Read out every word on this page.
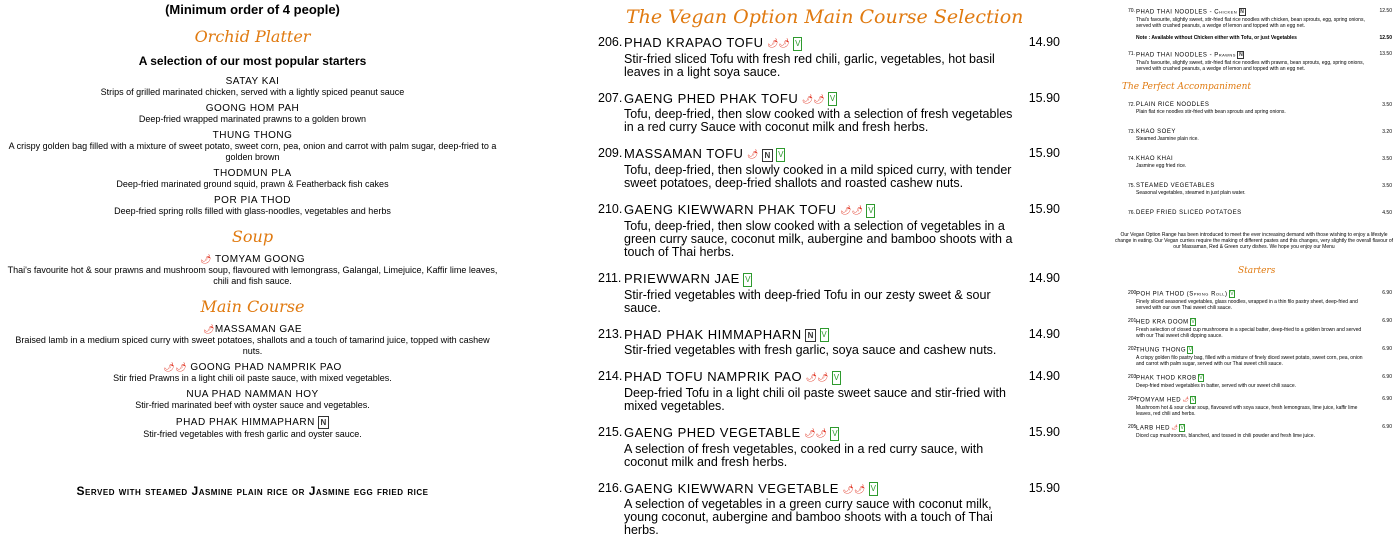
(Minimum order of 4 people)
Orchid Platter
A selection of our most popular starters
SATAY KAI
Strips of grilled marinated chicken, served with a lightly spiced peanut sauce
GOONG HOM PAH
Deep-fried wrapped marinated prawns to a golden brown
THUNG THONG
A crispy golden bag filled with a mixture of sweet potato, sweet corn, pea, onion and carrot with palm sugar, deep-fried to a golden brown
THODMUN PLA
Deep-fried marinated ground squid, prawn & Featherback fish cakes
POR PIA THOD
Deep-fried spring rolls filled with glass-noodles, vegetables and herbs
Soup
🌶︎ TOMYAM GOONG
Thai's favourite hot & sour prawns and mushroom soup, flavoured with lemongrass, Galangal, Limejuice, Kaffir lime leaves, chili and fish sauce.
Main Course
🌶︎MASSAMAN GAE
Braised lamb in a medium spiced curry with sweet potatoes, shallots and a touch of tamarind juice, topped with cashew nuts.
🌶︎🌶︎ GOONG PHAD NAMPRIK PAO
Stir fried Prawns in a light chili oil paste sauce, with mixed vegetables.
NUA PHAD NAMMAN HOY
Stir-fried marinated beef with oyster sauce and vegetables.
PHAD PHAK HIMMAPHARN N
Stir-fried vegetables with fresh garlic and oyster sauce.
Served with steamed Jasmine plain rice or Jasmine egg fried rice
The Vegan Option Main Course Selection
206. PHAD KRAPAO TOFU 🌶︎🌶︎ V
Stir-fried sliced Tofu with fresh red chili, garlic, vegetables, hot basil leaves in a light soya sauce.
14.90
207. GAENG PHED PHAK TOFU 🌶︎🌶︎ V
Tofu, deep-fried, then slow cooked with a selection of fresh vegetables in a red curry Sauce with coconut milk and fresh herbs.
15.90
209. MASSAMAN TOFU 🌶︎ N V
Tofu, deep-fried, then slowly cooked in a mild spiced curry, with tender sweet potatoes, deep-fried shallots and roasted cashew nuts.
15.90
210. GAENG KIEWWARN PHAK TOFU 🌶︎🌶︎ V
Tofu, deep-fried, then slow cooked with a selection of vegetables in a green curry sauce, coconut milk, aubergine and bamboo shoots with a touch of Thai herbs.
15.90
211. PRIEWWARN JAE V
Stir-fried vegetables with deep-fried Tofu in our zesty sweet & sour sauce.
14.90
213. PHAD PHAK HIMMAPHARN N V
Stir-fried vegetables with fresh garlic, soya sauce and cashew nuts.
14.90
214. PHAD TOFU NAMPRIK PAO 🌶︎🌶︎ V
Deep-fried Tofu in a light chili oil paste sweet sauce and stir-fried with mixed vegetables.
14.90
215. GAENG PHED VEGETABLE 🌶︎🌶︎ V
A selection of fresh vegetables, cooked in a red curry sauce, with coconut milk and fresh herbs.
15.90
216. GAENG KIEWWARN VEGETABLE 🌶︎🌶︎ V
A selection of vegetables in a green curry sauce with coconut milk, young coconut, aubergine and bamboo shoots with a touch of Thai herbs.
15.90
70. PHAD THAI NOODLES - Chicken N
Thai's favourite, slightly sweet, stir-fried flat rice noodles with chicken, bean sprouts, egg, spring onions, served with crushed peanuts, a wedge of lemon and topped with an egg net.
12.50
Note : Available without Chicken either with Tofu, or just Vegetables	12.50
71. PHAD THAI NOODLES - Prawns N
Thai's favourite, slightly sweet, stir-fried flat rice noodles with prawns, bean sprouts, egg, spring onions, served with crushed peanuts, a wedge of lemon and topped with an egg net.
13.50
The Perfect Accompaniment
72. PLAIN RICE NOODLES
Plain flat rice noodles stir-fried with bean sprouts and spring onions.
3.50
73. KHAO SOEY
Steamed Jasmine plain rice.
3.20
74. KHAO KHAI
Jasmine egg fried rice.
3.50
75. STEAMED VEGETABLES
Seasonal vegetables, steamed in just plain water.
3.50
76. DEEP FRIED SLICED POTATOES	4.50
Our Vegan Option Range has been introduced to meet the ever increasing demand with those wishing to enjoy a lifestyle change in eating. Our Vegan curries require the making of different pastes and this changes, very slightly the overall flavour of our Massaman, Red & Green curry dishes. We hope you enjoy our Menu
Starters
200.
POH PIA THOD (Spring Roll) V
Finely sliced seasoned vegetables, glass noodles, wrapped in a thin filo pastry sheet, deep-fried and served with our own Thai sweet chili sauce.
6.90
201.
HED KRA DOOM V
Fresh selection of closed cup mushrooms in a special batter, deep-fried to a golden brown and served with our Thai sweet chili dipping sauce.
6.90
202.
THUNG THONG V
A crispy golden filo pastry bag, filled with a mixture of finely diced sweet potato, sweet corn, pea, onion and carrot with palm sugar, served with our Thai sweet chili sauce.
6.90
203.
PHAK THOD KROB V
Deep-fried mixed vegetables in batter, served with our sweet chili sauce.
6.90
204.
TOMYAM HED 🌶︎ V
Mushroom hot & sour clear soup, flavoured with soya sauce, fresh lemongrass, lime juice, kaffir lime leaves, red chili and herbs.
6.90
205.
LARB HED 🌶︎ V
Diced cup mushrooms, blanched, and tossed in chili powder and fresh lime juice.
6.90
